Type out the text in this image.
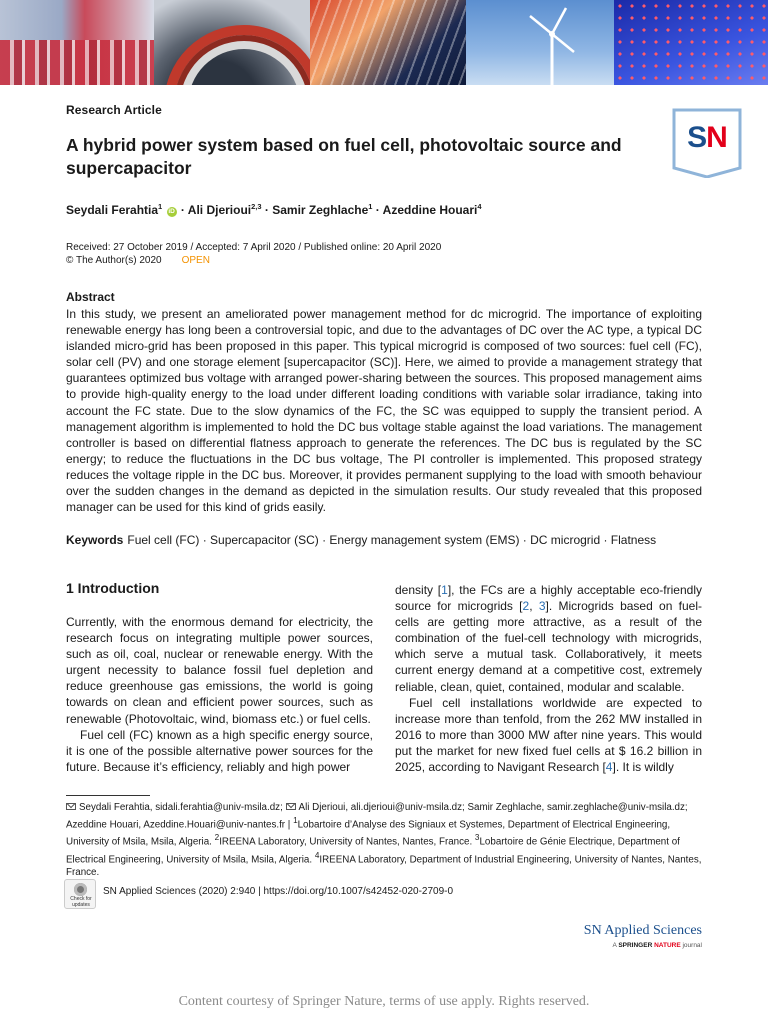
SN
Research Article
A hybrid power system based on fuel cell, photovoltaic source and supercapacitor
Seydali Ferahtia$^1$ iD · Ali Djerioui$^{2,3}$ · Samir Zeghlache$^1$ · Azeddine Houari$^4$
Received: 27 October 2019 / Accepted: 7 April 2020 / Published online: 20 April 2020
© The Author(s) 2020 OPEN
Abstract
In this study, we present an ameliorated power management method for dc microgrid. The importance of exploiting renewable energy has long been a controversial topic, and due to the advantages of DC over the AC type, a typical DC islanded micro-grid has been proposed in this paper. This typical microgrid is composed of two sources: fuel cell (FC), solar cell (PV) and one storage element [supercapacitor (SC)]. Here, we aimed to provide a management strategy that guarantees optimized bus voltage with arranged power-sharing between the sources. This proposed management aims to provide high-quality energy to the load under different loading conditions with variable solar irradiance, taking into account the FC state. Due to the slow dynamics of the FC, the SC was equipped to supply the transient period. A management algorithm is implemented to hold the DC bus voltage stable against the load variations. The management controller is based on differential flatness approach to generate the references. The DC bus is regulated by the SC energy; to reduce the fluctuations in the DC bus voltage, The PI controller is implemented. This proposed strategy reduces the voltage ripple in the DC bus. Moreover, it provides permanent supplying to the load with smooth behaviour over the sudden changes in the demand as depicted in the simulation results. Our study revealed that this proposed manager can be used for this kind of grids easily.
Keywords Fuel cell (FC) · Supercapacitor (SC) · Energy management system (EMS) · DC microgrid · Flatness
1 Introduction

Currently, with the enormous demand for electricity, the research focus on integrating multiple power sources, such as oil, coal, nuclear or renewable energy. With the urgent necessity to balance fossil fuel depletion and reduce greenhouse gas emissions, the world is going towards on clean and efficient power sources, such as renewable (Photovoltaic, wind, biomass etc.) or fuel cells.

Fuel cell (FC) known as a high specific energy source, it is one of the possible alternative power sources for the future. Because it’s efficiency, reliably and high power

density [1], the FCs are a highly acceptable eco-friendly source for microgrids [2, 3]. Microgrids based on fuel-cells are getting more attractive, as a result of the combination of the fuel-cell technology with microgrids, which serve a mutual task. Collaboratively, it meets current energy demand at a competitive cost, extremely reliable, clean, quiet, contained, modular and scalable.

Fuel cell installations worldwide are expected to increase more than tenfold, from the 262 MW installed in 2016 to more than 3000 MW after nine years. This would put the market for new fixed fuel cells at $ 16.2 billion in 2025, according to Navigant Research [4]. It is wildly

Seydali Ferahtia, sidali.ferahtia@univ-msila.dz; Ali Djerioui, ali.djerioui@univ-msila.dz; Samir Zeghlache, samir.zeghlache@univ-msila.dz; Azeddine Houari, Azeddine.Houari@univ-nantes.fr | $^1$Lobartoire d’Analyse des Signiaux et Systemes, Department of Electrical Engineering, University of Msila, Msila, Algeria. $^2$IREENA Laboratory, University of Nantes, Nantes, France. $^3$Lobartoire de Génie Electrique, Department of Electrical Engineering, University of Msila, Msila, Algeria. $^4$IREENA Laboratory, Department of Industrial Engineering, University of Nantes, Nantes, France.
Check for updates
SN Applied Sciences (2020) 2:940 | https://doi.org/10.1007/s42452-020-2709-0
SN Applied Sciences
A SPRINGER NATURE journal
Content courtesy of Springer Nature, terms of use apply. Rights reserved.
